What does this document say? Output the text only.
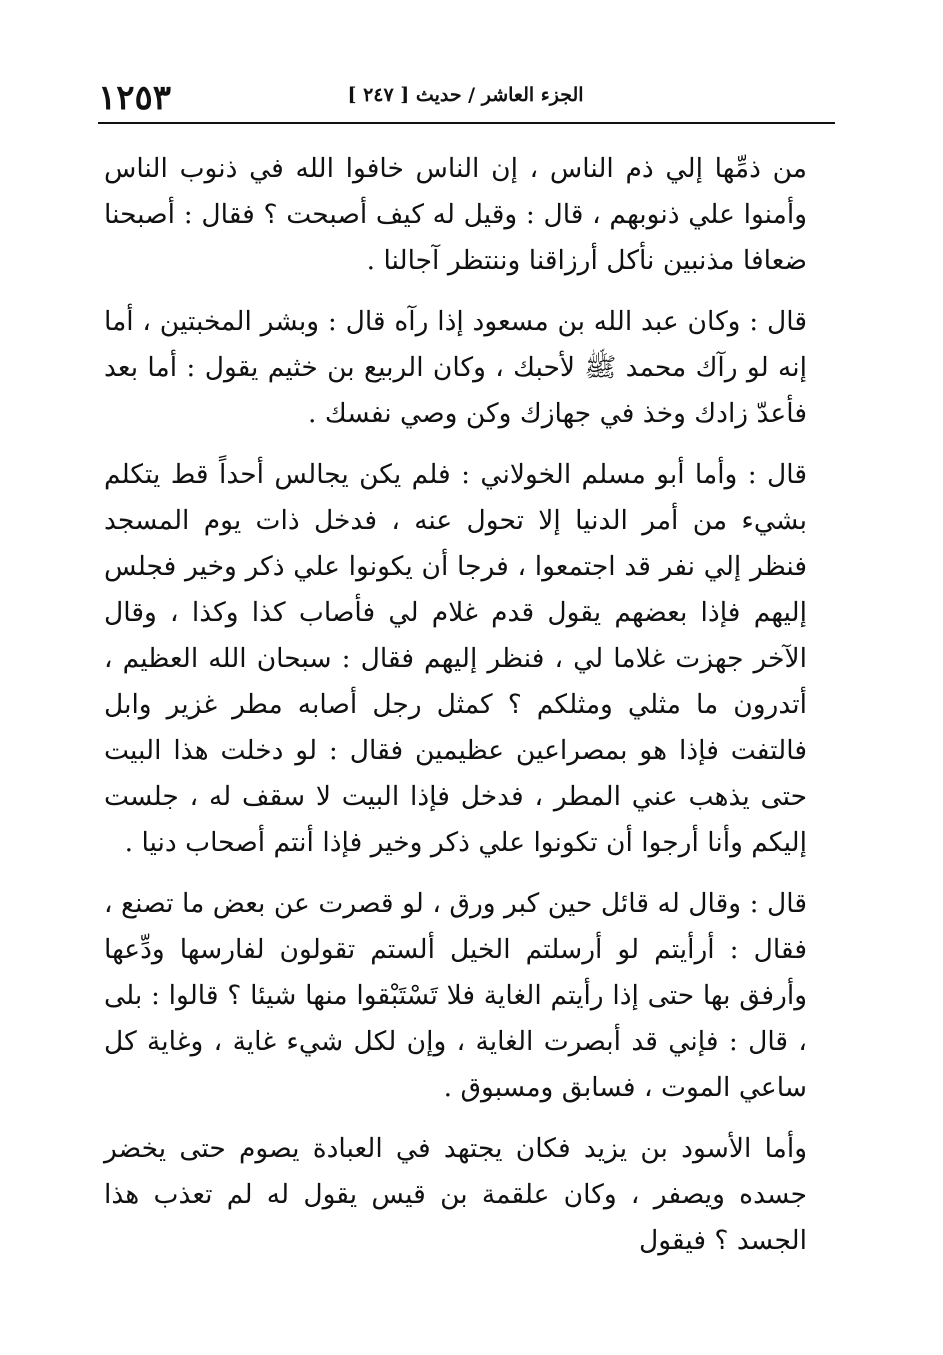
الجزء العاشر / حديث [ ٢٤٧ ]
١٢٥٣

من ذمِّها إلي ذم الناس ، إن الناس خافوا الله في ذنوب الناس وأمنوا علي ذنوبهم ، قال : وقيل له كيف أصبحت ؟ فقال : أصبحنا ضعافا مذنبين نأكل أرزاقنا وننتظر آجالنا .

قال : وكان عبد الله بن مسعود إذا رآه قال : وبشر المخبتين ، أما إنه لو رآك محمد ﷺ لأحبك ، وكان الربيع بن خثيم يقول : أما بعد فأعدّ زادك وخذ في جهازك وكن وصي نفسك .

قال : وأما أبو مسلم الخولاني : فلم يكن يجالس أحداً قط يتكلم بشيء من أمر الدنيا إلا تحول عنه ، فدخل ذات يوم المسجد فنظر إلي نفر قد اجتمعوا ، فرجا أن يكونوا علي ذكر وخير فجلس إليهم فإذا بعضهم يقول قدم غلام لي فأصاب كذا وكذا ، وقال الآخر جهزت غلاما لي ، فنظر إليهم فقال : سبحان الله العظيم ، أتدرون ما مثلي ومثلكم ؟ كمثل رجل أصابه مطر غزير وابل فالتفت فإذا هو بمصراعين عظيمين فقال : لو دخلت هذا البيت حتى يذهب عني المطر ، فدخل فإذا البيت لا سقف له ، جلست إليكم وأنا أرجوا أن تكونوا علي ذكر وخير فإذا أنتم أصحاب دنيا .

قال : وقال له قائل حين كبر ورق ، لو قصرت عن بعض ما تصنع ، فقال : أرأيتم لو أرسلتم الخيل ألستم تقولون لفارسها ودِّعها وأرفق بها حتى إذا رأيتم الغاية فلا تَسْتَبْقوا منها شيئا ؟ قالوا : بلى ، قال : فإني قد أبصرت الغاية ، وإن لكل شيء غاية ، وغاية كل ساعي الموت ، فسابق ومسبوق .

وأما الأسود بن يزيد فكان يجتهد في العبادة يصوم حتى يخضر جسده ويصفر ، وكان علقمة بن قيس يقول له لم تعذب هذا الجسد ؟ فيقول
